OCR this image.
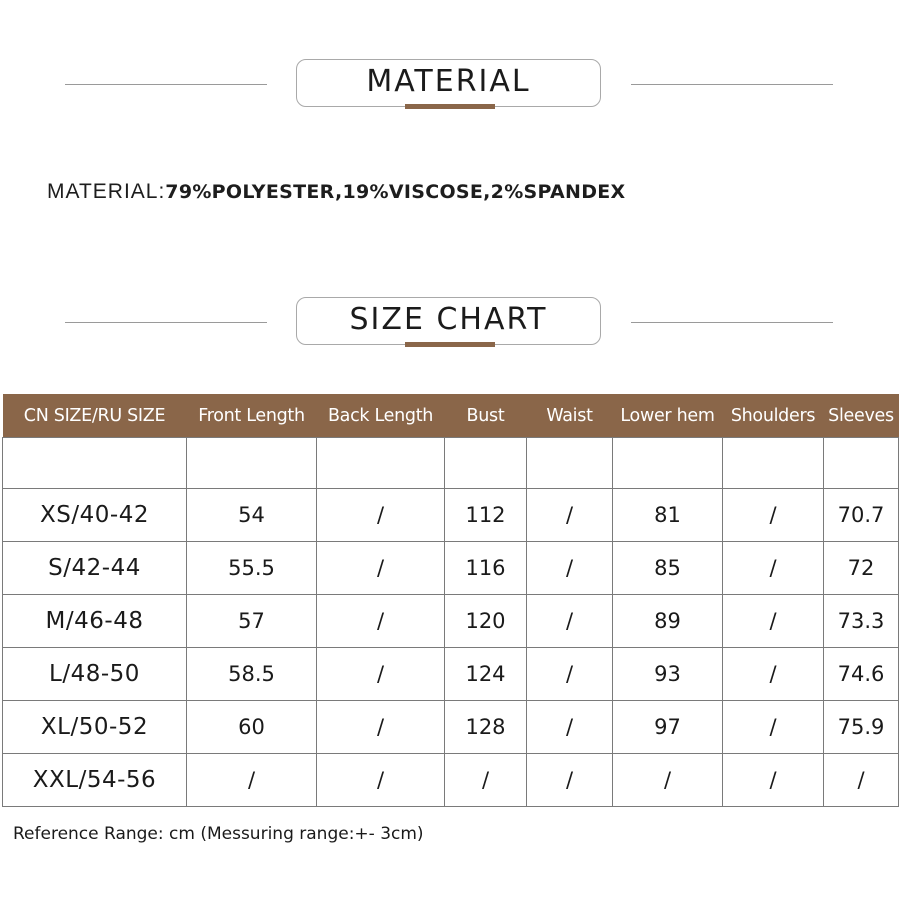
MATERIAL
MATERIAL:79%POLYESTER,19%VISCOSE,2%SPANDEX
SIZE CHART
CN SIZE/RU SIZE	Front Length	Back Length	Bust	Waist	Lower hem	Shoulders	Sleeves

XS/40-42	54	/	112	/	81	/	70.7
S/42-44	55.5	/	116	/	85	/	72
M/46-48	57	/	120	/	89	/	73.3
L/48-50	58.5	/	124	/	93	/	74.6
XL/50-52	60	/	128	/	97	/	75.9
XXL/54-56	/	/	/	/	/	/	/
Reference Range: cm (Messuring range:+- 3cm)
